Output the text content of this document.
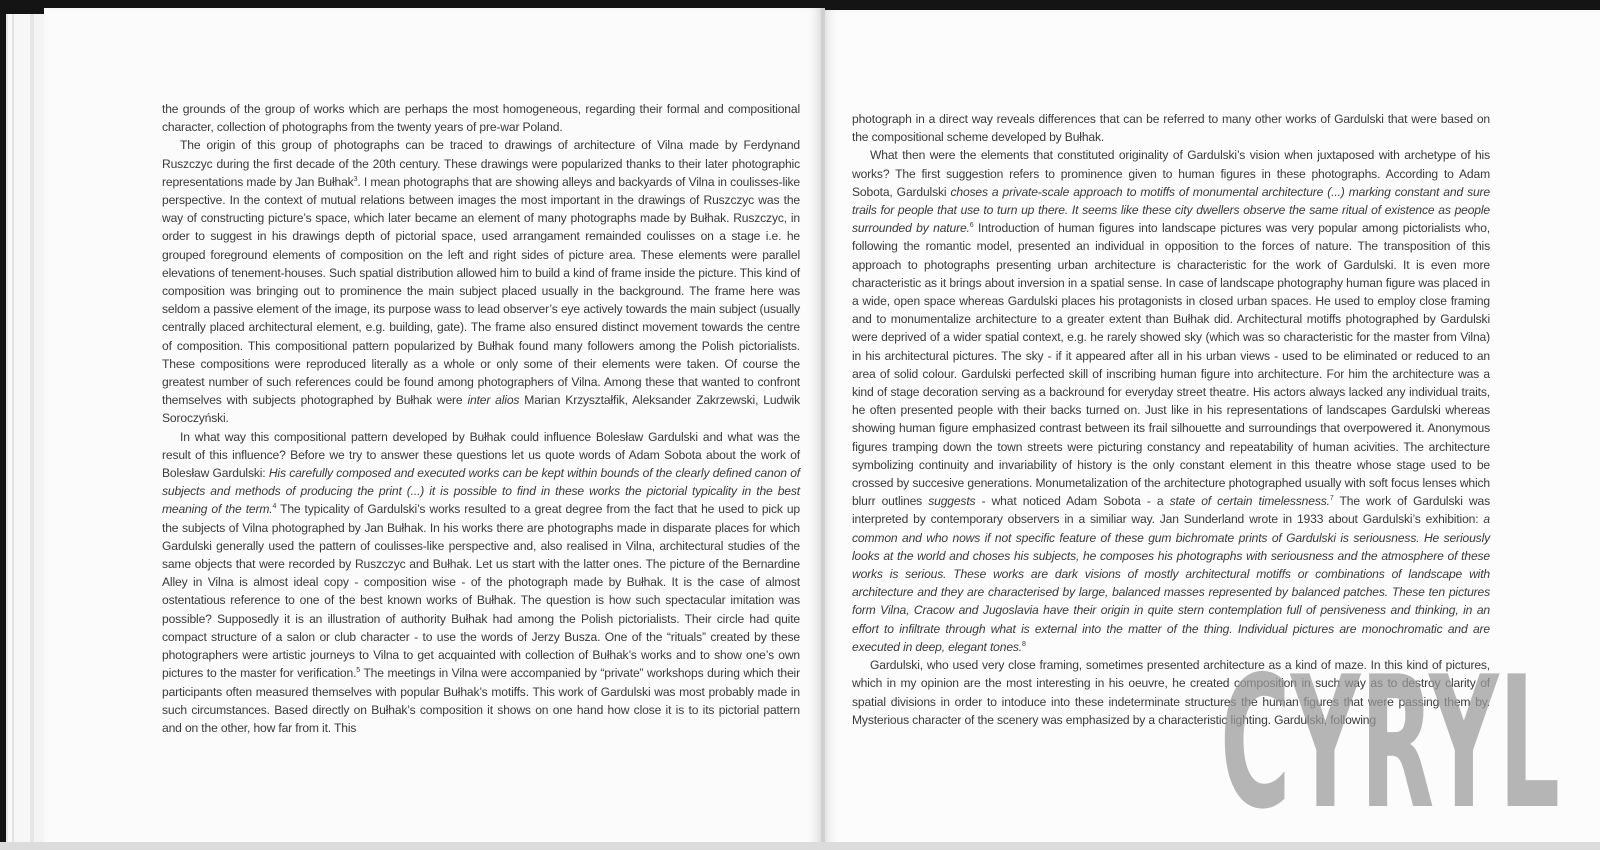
the grounds of the group of works which are perhaps the most homogeneous, regarding their formal and compositional character, collection of photographs from the twenty years of pre-war Poland.

The origin of this group of photographs can be traced to drawings of architecture of Vilna made by Ferdynand Ruszczyc during the first decade of the 20th century. These drawings were popularized thanks to their later photographic representations made by Jan Bułhak$^3$. I mean photographs that are showing alleys and backyards of Vilna in coulisses-like perspective. In the context of mutual relations between images the most important in the drawings of Ruszczyc was the way of constructing picture’s space, which later became an element of many photographs made by Bułhak. Ruszczyc, in order to suggest in his drawings depth of pictorial space, used arrangament remainded coulisses on a stage i.e. he grouped foreground elements of composition on the left and right sides of picture area. These elements were parallel elevations of tenement-houses. Such spatial distribution allowed him to build a kind of frame inside the picture. This kind of composition was bringing out to prominence the main subject placed usually in the background. The frame here was seldom a passive element of the image, its purpose wass to lead observer’s eye actively towards the main subject (usually centrally placed architectural element, e.g. building, gate). The frame also ensured distinct movement towards the centre of composition. This compositional pattern popularized by Bułhak found many followers among the Polish pictorialists. These compositions were reproduced literally as a whole or only some of their elements were taken. Of course the greatest number of such references could be found among photographers of Vilna. Among these that wanted to confront themselves with subjects photographed by Bułhak were inter alios Marian Krzyształfik, Aleksander Zakrzewski, Ludwik Soroczyński.

In what way this compositional pattern developed by Bułhak could influence Bolesław Gardulski and what was the result of this influence? Before we try to answer these questions let us quote words of Adam Sobota about the work of Bolesław Gardulski: His carefully composed and executed works can be kept within bounds of the clearly defined canon of subjects and methods of producing the print (...) it is possible to find in these works the pictorial typicality in the best meaning of the term.$^4$ The typicality of Gardulski’s works resulted to a great degree from the fact that he used to pick up the subjects of Vilna photographed by Jan Bułhak. In his works there are photographs made in disparate places for which Gardulski generally used the pattern of coulisses-like perspective and, also realised in Vilna, architectural studies of the same objects that were recorded by Ruszczyc and Bułhak. Let us start with the latter ones. The picture of the Bernardine Alley in Vilna is almost ideal copy - composition wise - of the photograph made by Bułhak. It is the case of almost ostentatious reference to one of the best known works of Bułhak. The question is how such spectacular imitation was possible? Supposedly it is an illustration of authority Bułhak had among the Polish pictorialists. Their circle had quite compact structure of a salon or club character - to use the words of Jerzy Busza. One of the “rituals” created by these photographers were artistic journeys to Vilna to get acquainted with collection of Bułhak’s works and to show one’s own pictures to the master for verification.$^5$ The meetings in Vilna were accompanied by “private” workshops during which their participants often measured themselves with popular Bułhak’s motiffs. This work of Gardulski was most probably made in such circumstances. Based directly on Bułhak’s composition it shows on one hand how close it is to its pictorial pattern and on the other, how far from it. This

photograph in a direct way reveals differences that can be referred to many other works of Gardulski that were based on the compositional scheme developed by Bułhak.

What then were the elements that constituted originality of Gardulski’s vision when juxtaposed with archetype of his works? The first suggestion refers to prominence given to human figures in these photographs. According to Adam Sobota, Gardulski choses a private-scale approach to motiffs of monumental architecture (...) marking constant and sure trails for people that use to turn up there. It seems like these city dwellers observe the same ritual of existence as people surrounded by nature.$^6$ Introduction of human figures into landscape pictures was very popular among pictorialists who, following the romantic model, presented an individual in opposition to the forces of nature. The transposition of this approach to photographs presenting urban architecture is characteristic for the work of Gardulski. It is even more characteristic as it brings about inversion in a spatial sense. In case of landscape photography human figure was placed in a wide, open space whereas Gardulski places his protagonists in closed urban spaces. He used to employ close framing and to monumentalize architecture to a greater extent than Bułhak did. Architectural motiffs photographed by Gardulski were deprived of a wider spatial context, e.g. he rarely showed sky (which was so characteristic for the master from Vilna) in his architectural pictures. The sky - if it appeared after all in his urban views - used to be eliminated or reduced to an area of solid colour. Gardulski perfected skill of inscribing human figure into architecture. For him the architecture was a kind of stage decoration serving as a backround for everyday street theatre. His actors always lacked any individual traits, he often presented people with their backs turned on. Just like in his representations of landscapes Gardulski whereas showing human figure emphasized contrast between its frail silhouette and surroundings that overpowered it. Anonymous figures tramping down the town streets were picturing constancy and repeatability of human acivities. The architecture symbolizing continuity and invariability of history is the only constant element in this theatre whose stage used to be crossed by succesive generations. Monumetalization of the architecture photographed usually with soft focus lenses which blurr outlines suggests - what noticed Adam Sobota - a state of certain timelessness.$^7$ The work of Gardulski was interpreted by contemporary observers in a similiar way. Jan Sunderland wrote in 1933 about Gardulski’s exhibition: a common and who nows if not specific feature of these gum bichromate prints of Gardulski is seriousness. He seriously looks at the world and choses his subjects, he composes his photographs with seriousness and the atmosphere of these works is serious. These works are dark visions of mostly architectural motiffs or combinations of landscape with architecture and they are characterised by large, balanced masses represented by balanced patches. These ten pictures form Vilna, Cracow and Jugoslavia have their origin in quite stern contemplation full of pensiveness and thinking, in an effort to infiltrate through what is external into the matter of the thing. Individual pictures are monochromatic and are executed in deep, elegant tones.$^8$

Gardulski, who used very close framing, sometimes presented architecture as a kind of maze. In this kind of pictures, which in my opinion are the most interesting in his oeuvre, he created composition in such way as to destroy clarity of spatial divisions in order to intoduce into these indeterminate structures the human figures that were passing them by. Mysterious character of the scenery was emphasized by a characteristic lighting. Gardulski, following

CYRYL
